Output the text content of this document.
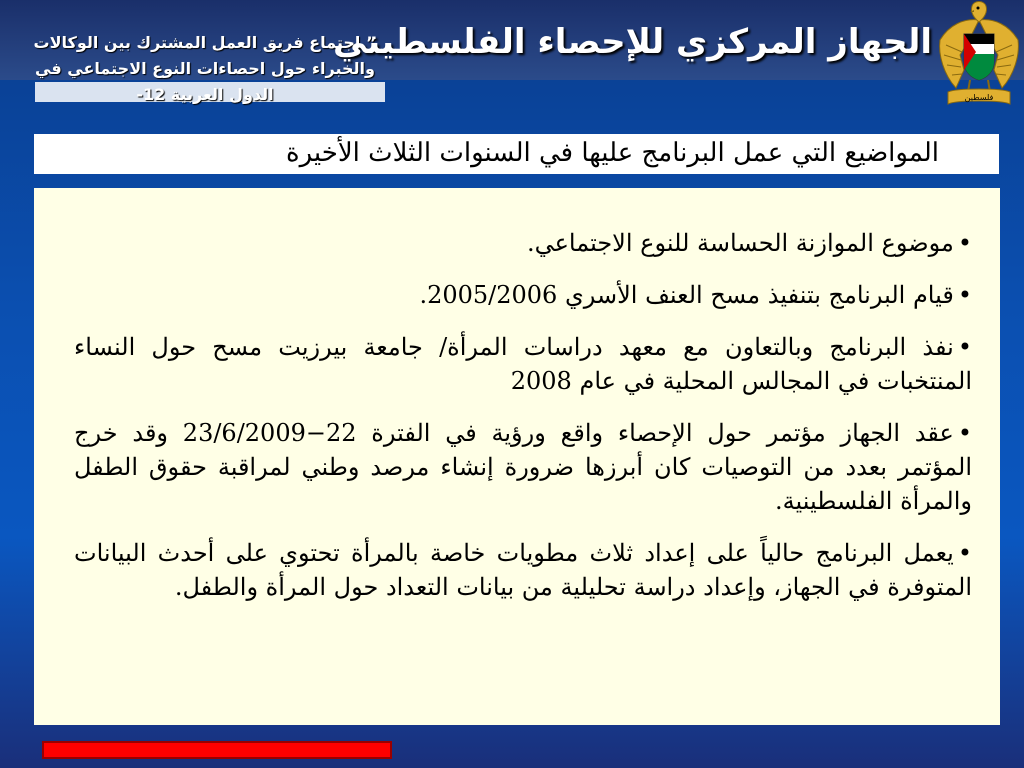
” اجتماع فريق العمل المشترك بين الوكالات والخبراء حول احصاءات النوع الاجتماعي في الدول العربية 12-
الجهاز المركزي للإحصاء الفلسطيني
فلسطين
المواضيع التي عمل البرنامج عليها في السنوات الثلاث الأخيرة
•موضوع الموازنة الحساسة للنوع الاجتماعي.
•قيام البرنامج بتنفيذ مسح العنف الأسري 2005/2006.
•نفذ البرنامج وبالتعاون مع معهد دراسات المرأة/ جامعة بيرزيت مسح حول النساء المنتخبات في المجالس المحلية في عام 2008
•عقد الجهاز مؤتمر حول الإحصاء واقع ورؤية في الفترة 22−23/6/2009 وقد خرج المؤتمر بعدد من التوصيات كان أبرزها ضرورة إنشاء مرصد وطني لمراقبة حقوق الطفل والمرأة الفلسطينية.
•يعمل البرنامج حالياً على إعداد ثلاث مطويات خاصة بالمرأة تحتوي على أحدث البيانات المتوفرة في الجهاز، وإعداد دراسة تحليلية من بيانات التعداد حول المرأة والطفل.
